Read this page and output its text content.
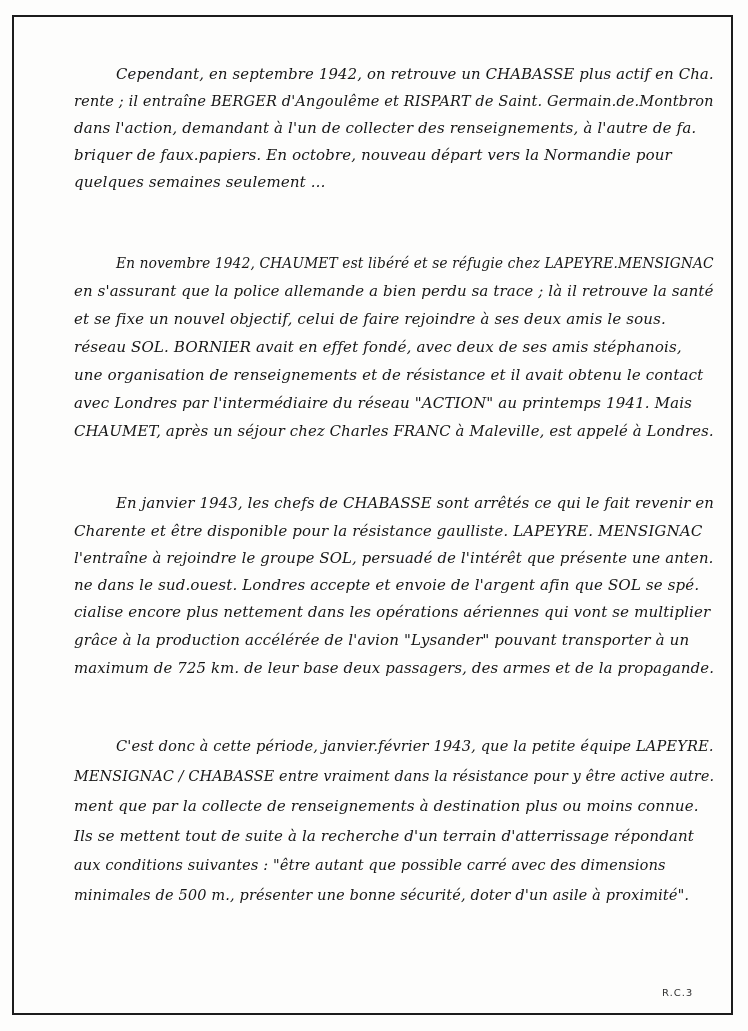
Cependant, en septembre 1942, on retrouve un CHABASSE plus actif en Cha.
rente ; il entraîne BERGER d'Angoulême et RISPART de Saint. Germain.de.Montbron
dans l'action, demandant à l'un de collecter des renseignements, à l'autre de fa.
briquer de faux.papiers. En octobre, nouveau départ vers la Normandie pour
quelques semaines seulement ...
En novembre 1942, CHAUMET est libéré et se réfugie chez LAPEYRE.MENSIGNAC
en s'assurant que la police allemande a bien perdu sa trace ; là il retrouve la santé
et se fixe un nouvel objectif, celui de faire rejoindre à ses deux amis le sous.
réseau SOL. BORNIER avait en effet fondé, avec deux de ses amis stéphanois,
une organisation de renseignements et de résistance et il avait obtenu le contact
avec Londres par l'intermédiaire du réseau "ACTION" au printemps 1941. Mais
CHAUMET, après un séjour chez Charles FRANC à Maleville, est appelé à Londres.
En janvier 1943, les chefs de CHABASSE sont arrêtés ce qui le fait revenir en
Charente et être disponible pour la résistance gaulliste. LAPEYRE. MENSIGNAC
l'entraîne à rejoindre le groupe SOL, persuadé de l'intérêt que présente une anten.
ne dans le sud.ouest. Londres accepte et envoie de l'argent afin que SOL se spé.
cialise encore plus nettement dans les opérations aériennes qui vont se multiplier
grâce à la production accélérée de l'avion "Lysander" pouvant transporter à un
maximum de 725 km. de leur base deux passagers, des armes et de la propagande.
C'est donc à cette période, janvier.février 1943, que la petite équipe LAPEYRE.
MENSIGNAC / CHABASSE entre vraiment dans la résistance pour y être active autre.
ment que par la collecte de renseignements à destination plus ou moins connue.
Ils se mettent tout de suite à la recherche d'un terrain d'atterrissage répondant
aux conditions suivantes : "être autant que possible carré avec des dimensions
minimales de 500 m., présenter une bonne sécurité, doter d'un asile à proximité".
R.C.3
